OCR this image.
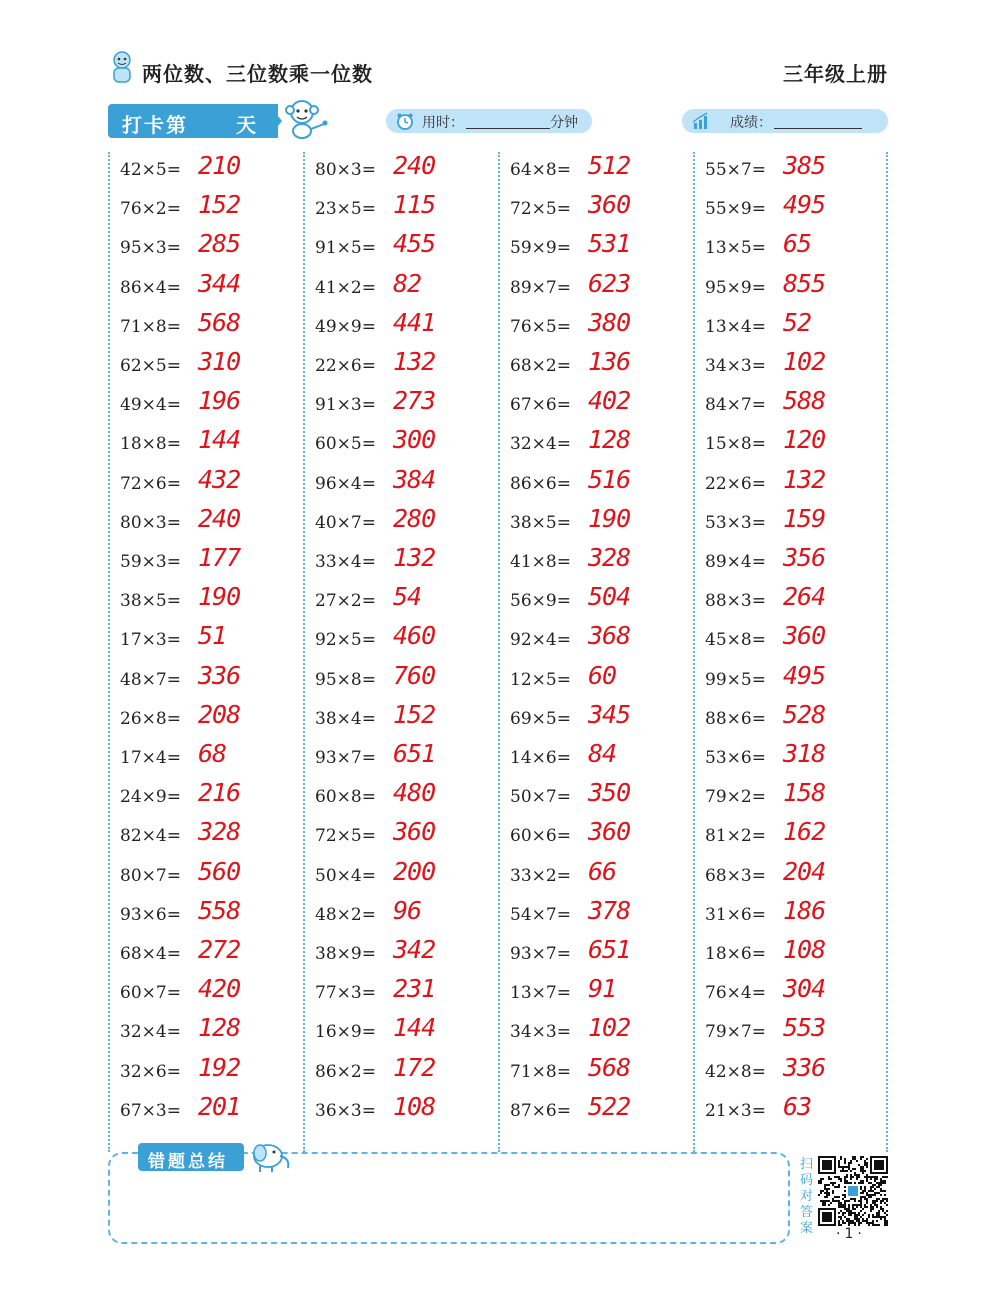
两位数、三位数乘一位数	三年级上册
打卡第 天	用时：	分钟	成绩：
42×5= 210
76×2= 152
95×3= 285
86×4= 344
71×8= 568
62×5= 310
49×4= 196
18×8= 144
72×6= 432
80×3= 240
59×3= 177
38×5= 190
17×3= 51
48×7= 336
26×8= 208
17×4= 68
24×9= 216
82×4= 328
80×7= 560
93×6= 558
68×4= 272
60×7= 420
32×4= 128
32×6= 192
67×3= 201
80×3= 240
23×5= 115
91×5= 455
41×2= 82
49×9= 441
22×6= 132
91×3= 273
60×5= 300
96×4= 384
40×7= 280
33×4= 132
27×2= 54
92×5= 460
95×8= 760
38×4= 152
93×7= 651
60×8= 480
72×5= 360
50×4= 200
48×2= 96
38×9= 342
77×3= 231
16×9= 144
86×2= 172
36×3= 108
64×8= 512
72×5= 360
59×9= 531
89×7= 623
76×5= 380
68×2= 136
67×6= 402
32×4= 128
86×6= 516
38×5= 190
41×8= 328
56×9= 504
92×4= 368
12×5= 60
69×5= 345
14×6= 84
50×7= 350
60×6= 360
33×2= 66
54×7= 378
93×7= 651
13×7= 91
34×3= 102
71×8= 568
87×6= 522
55×7= 385
55×9= 495
13×5= 65
95×9= 855
13×4= 52
34×3= 102
84×7= 588
15×8= 120
22×6= 132
53×3= 159
89×4= 356
88×3= 264
45×8= 360
99×5= 495
88×6= 528
53×6= 318
79×2= 158
81×2= 162
68×3= 204
31×6= 186
18×6= 108
76×4= 304
79×7= 553
42×8= 336
21×3= 63
错题总结	扫码对答案 ·1·
